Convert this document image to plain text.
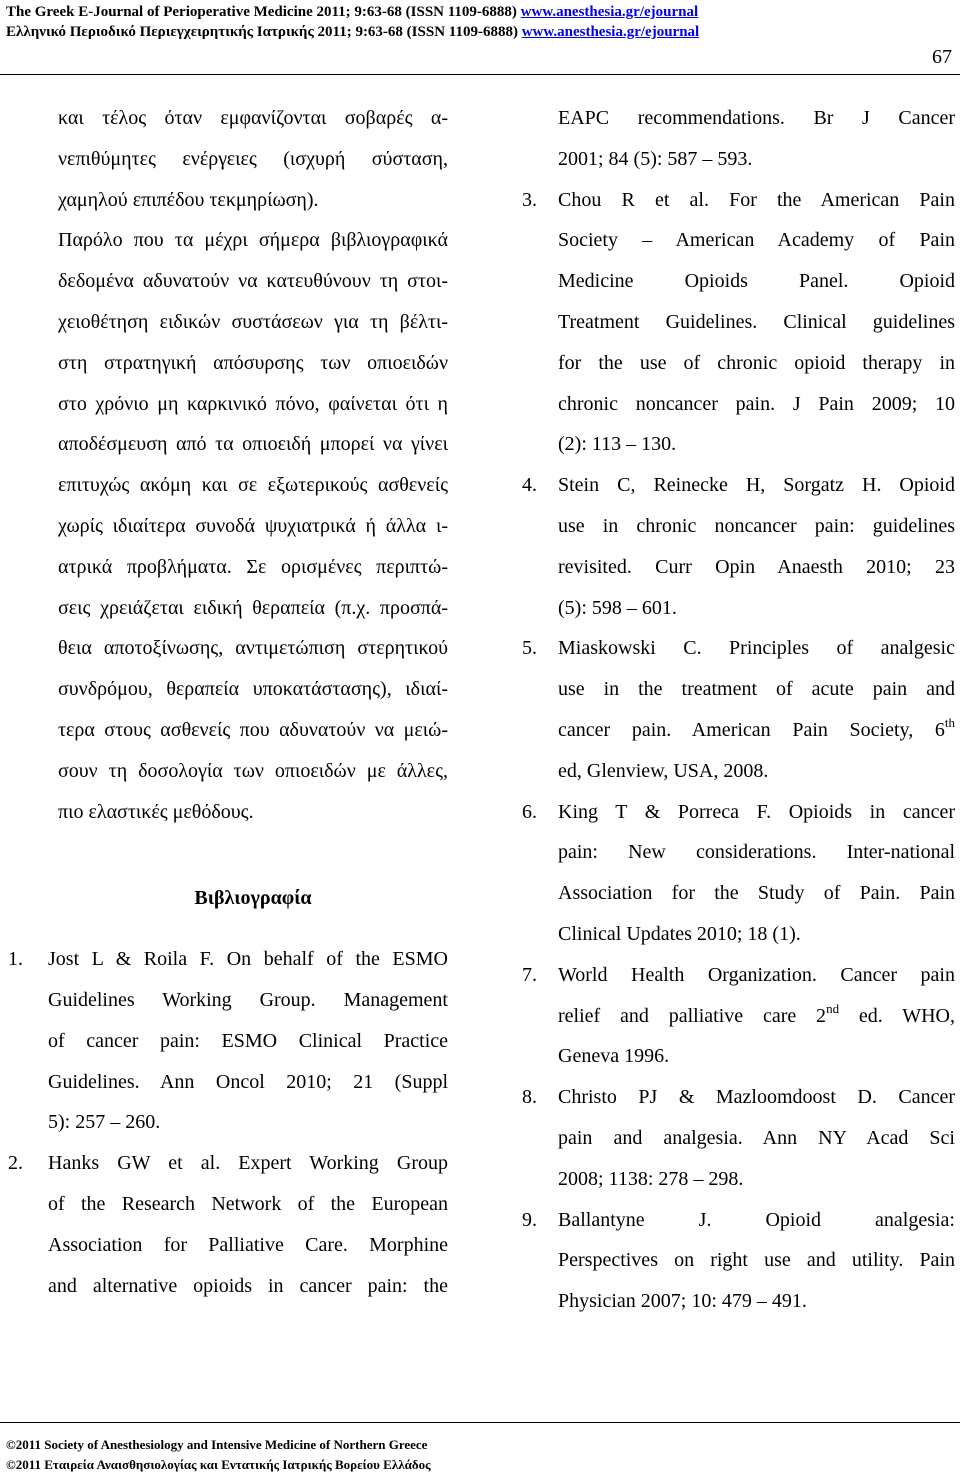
The Greek E-Journal of Perioperative Medicine 2011; 9:63-68 (ISSN 1109-6888) www.anesthesia.gr/ejournal
Ελληνικό Περιοδικό Περιεγχειρητικής Ιατρικής 2011; 9:63-68 (ISSN 1109-6888) www.anesthesia.gr/ejournal
67
και τέλος όταν εμφανίζονται σοβαρές α-
νεπιθύμητες ενέργειες (ισχυρή σύσταση,
χαμηλού επιπέδου τεκμηρίωση).
Παρόλο που τα μέχρι σήμερα βιβλιογραφικά
δεδομένα αδυνατούν να κατευθύνουν τη στοι-
χειοθέτηση ειδικών συστάσεων για τη βέλτι-
στη στρατηγική απόσυρσης των οπιοειδών
στο χρόνιο μη καρκινικό πόνο, φαίνεται ότι η
αποδέσμευση από τα οπιοειδή μπορεί να γίνει
επιτυχώς ακόμη και σε εξωτερικούς ασθενείς
χωρίς ιδιαίτερα συνοδά ψυχιατρικά ή άλλα ι-
ατρικά προβλήματα. Σε ορισμένες περιπτώ-
σεις χρειάζεται ειδική θεραπεία (π.χ. προσπά-
θεια αποτοξίνωσης, αντιμετώπιση στερητικού
συνδρόμου, θεραπεία υποκατάστασης), ιδιαί-
τερα στους ασθενείς που αδυνατούν να μειώ-
σουν τη δοσολογία των οπιοειδών με άλλες,
πιο ελαστικές μεθόδους.
Βιβλιογραφία
1. Jost L & Roila F. On behalf of the ESMO
Guidelines Working Group. Management
of cancer pain: ESMO Clinical Practice
Guidelines. Ann Oncol 2010; 21 (Suppl
5): 257 – 260.
2. Hanks GW et al. Expert Working Group
of the Research Network of the European
Association for Palliative Care. Morphine
and alternative opioids in cancer pain: the
EAPC recommendations. Br J Cancer
2001; 84 (5): 587 – 593.
3. Chou R et al. For the American Pain
Society – American Academy of Pain
Medicine Opioids Panel. Opioid
Treatment Guidelines. Clinical guidelines
for the use of chronic opioid therapy in
chronic noncancer pain. J Pain 2009; 10
(2): 113 – 130.
4. Stein C, Reinecke H, Sorgatz H. Opioid
use in chronic noncancer pain: guidelines
revisited. Curr Opin Anaesth 2010; 23
(5): 598 – 601.
5. Miaskowski C. Principles of analgesic
use in the treatment of acute pain and
cancer pain. American Pain Society, 6th
ed, Glenview, USA, 2008.
6. King T & Porreca F. Opioids in cancer
pain: New considerations. Inter-national
Association for the Study of Pain. Pain
Clinical Updates 2010; 18 (1).
7. World Health Organization. Cancer pain
relief and palliative care 2nd ed. WHO,
Geneva 1996.
8. Christo PJ & Mazloomdoost D. Cancer
pain and analgesia. Ann NY Acad Sci
2008; 1138: 278 – 298.
9. Ballantyne J. Opioid analgesia:
Perspectives on right use and utility. Pain
Physician 2007; 10: 479 – 491.
©2011 Society of Anesthesiology and Intensive Medicine of Northern Greece
©2011 Εταιρεία Αναισθησιολογίας και Εντατικής Ιατρικής Βορείου Ελλάδος
